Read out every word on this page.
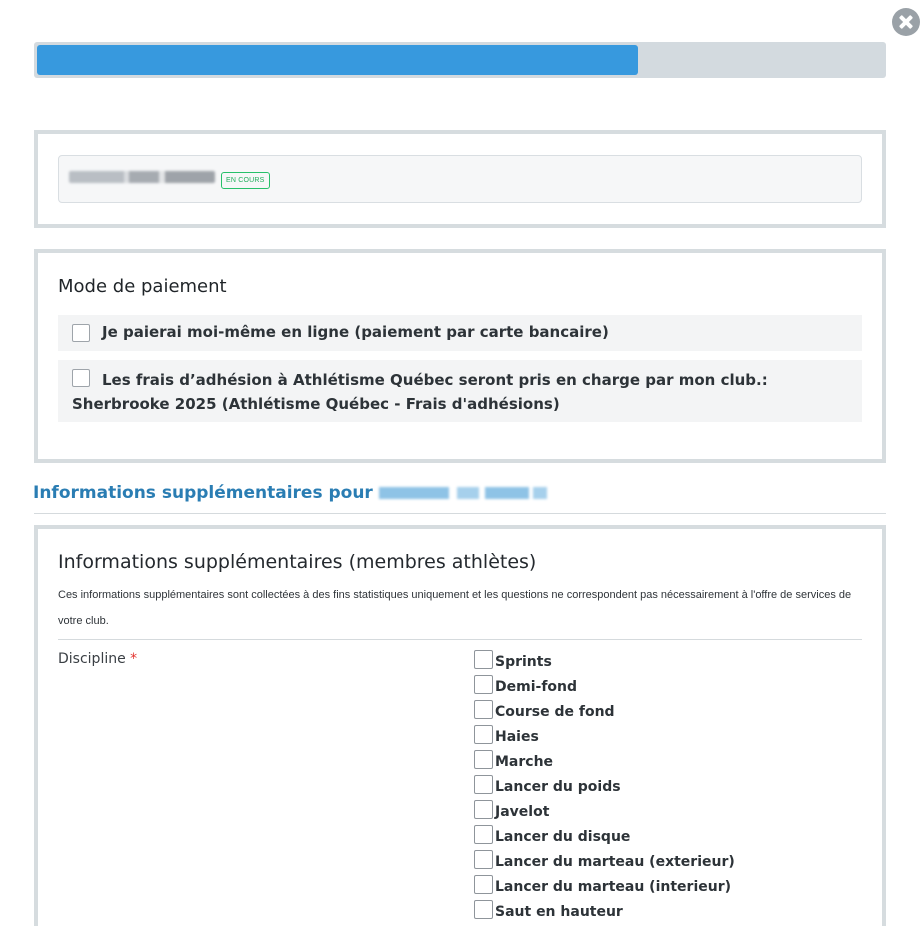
EN COURS
Mode de paiement
Je paierai moi-même en ligne (paiement par carte bancaire)
Les frais d’adhésion à Athlétisme Québec seront pris en charge par mon club.: Sherbrooke 2025 (Athlétisme Québec - Frais d'adhésions)
Informations supplémentaires pour
Informations supplémentaires (membres athlètes)
Ces informations supplémentaires sont collectées à des fins statistiques uniquement et les questions ne correspondent pas nécessairement à l'offre de services de votre club.
Discipline *	Sprints
Demi-fond
Course de fond
Haies
Marche
Lancer du poids
Javelot
Lancer du disque
Lancer du marteau (exterieur)
Lancer du marteau (interieur)
Saut en hauteur
